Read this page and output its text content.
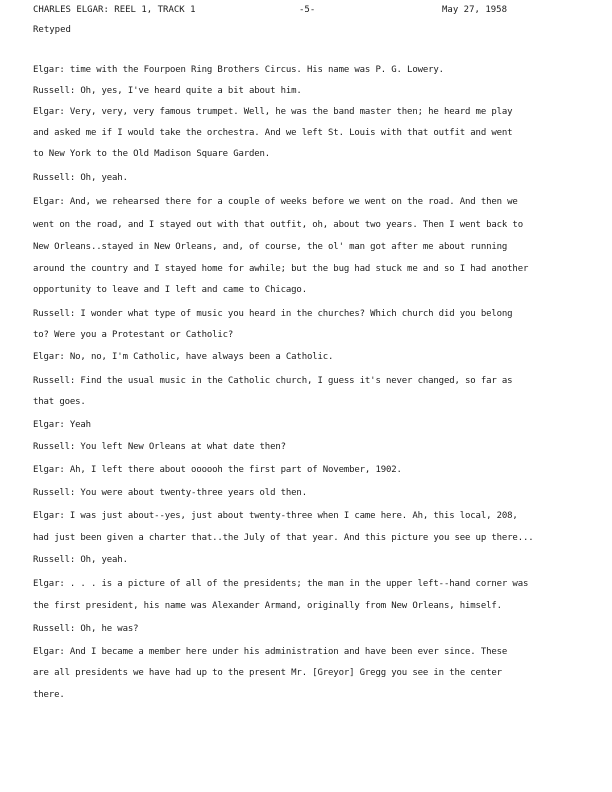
CHARLES ELGAR: REEL 1, TRACK 1	-5-	May 27, 1958
Retyped
Elgar: time with the Fourpoen Ring Brothers Circus. His name was P. G. Lowery.
Russell: Oh, yes, I've heard quite a bit about him.
Elgar: Very, very, very famous trumpet. Well, he was the band master then; he heard me play
and asked me if I would take the orchestra. And we left St. Louis with that outfit and went
to New York to the Old Madison Square Garden.
Russell: Oh, yeah.
Elgar: And, we rehearsed there for a couple of weeks before we went on the road. And then we
went on the road, and I stayed out with that outfit, oh, about two years. Then I went back to
New Orleans..stayed in New Orleans, and, of course, the ol' man got after me about running
around the country and I stayed home for awhile; but the bug had stuck me and so I had another
opportunity to leave and I left and came to Chicago.
Russell: I wonder what type of music you heard in the churches? Which church did you belong
to? Were you a Protestant or Catholic?
Elgar: No, no, I'm Catholic, have always been a Catholic.
Russell: Find the usual music in the Catholic church, I guess it's never changed, so far as
that goes.
Elgar: Yeah
Russell: You left New Orleans at what date then?
Elgar: Ah, I left there about oooooh the first part of November, 1902.
Russell: You were about twenty-three years old then.
Elgar: I was just about--yes, just about twenty-three when I came here. Ah, this local, 208,
had just been given a charter that..the July of that year. And this picture you see up there...
Russell: Oh, yeah.
Elgar: . . . is a picture of all of the presidents; the man in the upper left--hand corner was
the first president, his name was Alexander Armand, originally from New Orleans, himself.
Russell: Oh, he was?
Elgar: And I became a member here under his administration and have been ever since. These
are all presidents we have had up to the present Mr. [Greyor] Gregg you see in the center
there.
